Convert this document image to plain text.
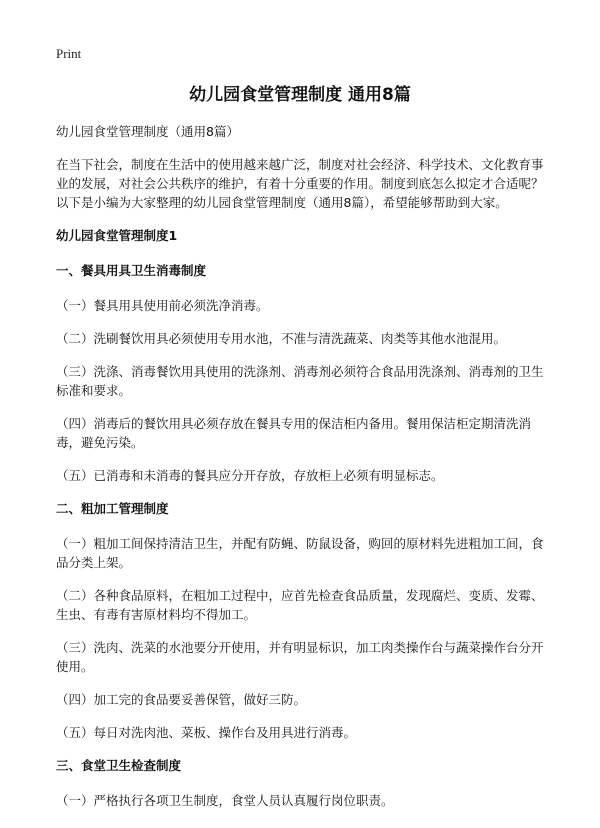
Print
幼儿园食堂管理制度 通用8篇

幼儿园食堂管理制度（通用8篇）

在当下社会，制度在生活中的使用越来越广泛，制度对社会经济、科学技术、文化教育事业的发展，对社会公共秩序的维护，有着十分重要的作用。制度到底怎么拟定才合适呢？以下是小编为大家整理的幼儿园食堂管理制度（通用8篇），希望能够帮助到大家。

幼儿园食堂管理制度1

一、餐具用具卫生消毒制度

（一）餐具用具使用前必须洗净消毒。

（二）洗刷餐饮用具必须使用专用水池，不准与清洗蔬菜、肉类等其他水池混用。

（三）洗涤、消毒餐饮用具使用的洗涤剂、消毒剂必须符合食品用洗涤剂、消毒剂的卫生标准和要求。

（四）消毒后的餐饮用具必须存放在餐具专用的保洁柜内备用。餐用保洁柜定期清洗消毒，避免污染。

（五）已消毒和未消毒的餐具应分开存放，存放柜上必须有明显标志。

二、粗加工管理制度

（一）粗加工间保持清洁卫生，并配有防蝇、防鼠设备，购回的原材料先进粗加工间，食品分类上架。

（二）各种食品原料，在粗加工过程中，应首先检查食品质量，发现腐烂、变质、发霉、生虫、有毒有害原材料均不得加工。

（三）洗肉、洗菜的水池要分开使用，并有明显标识，加工肉类操作台与蔬菜操作台分开使用。

（四）加工完的食品要妥善保管，做好三防。

（五）每日对洗肉池、菜板、操作台及用具进行消毒。

三、食堂卫生检查制度

（一）严格执行各项卫生制度，食堂人员认真履行岗位职责。
